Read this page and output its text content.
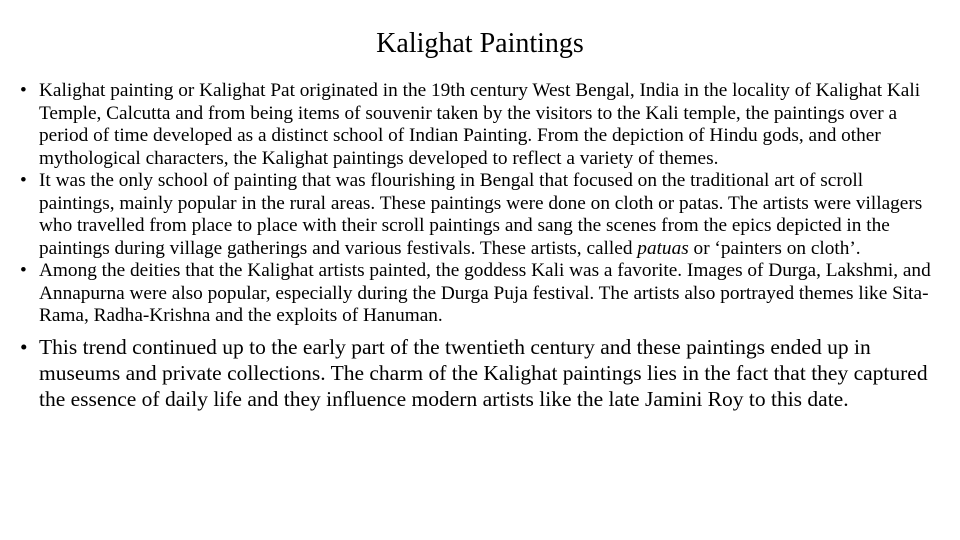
Kalighat Paintings
• Kalighat painting or Kalighat Pat originated in the 19th century West Bengal, India in the locality of Kalighat Kali Temple, Calcutta and from being items of souvenir taken by the visitors to the Kali temple, the paintings over a period of time developed as a distinct school of Indian Painting. From the depiction of Hindu gods, and other mythological characters, the Kalighat paintings developed to reflect a variety of themes.
• It was the only school of painting that was flourishing in Bengal that focused on the traditional art of scroll paintings, mainly popular in the rural areas. These paintings were done on cloth or patas. The artists were villagers who travelled from place to place with their scroll paintings and sang the scenes from the epics depicted in the paintings during village gatherings and various festivals. These artists, called patuas or ‘painters on cloth’.
• Among the deities that the Kalighat artists painted, the goddess Kali was a favorite. Images of Durga, Lakshmi, and Annapurna were also popular, especially during the Durga Puja festival. The artists also portrayed themes like Sita-Rama, Radha-Krishna and the exploits of Hanuman.
• This trend continued up to the early part of the twentieth century and these paintings ended up in museums and private collections. The charm of the Kalighat paintings lies in the fact that they captured the essence of daily life and they influence modern artists like the late Jamini Roy to this date.
